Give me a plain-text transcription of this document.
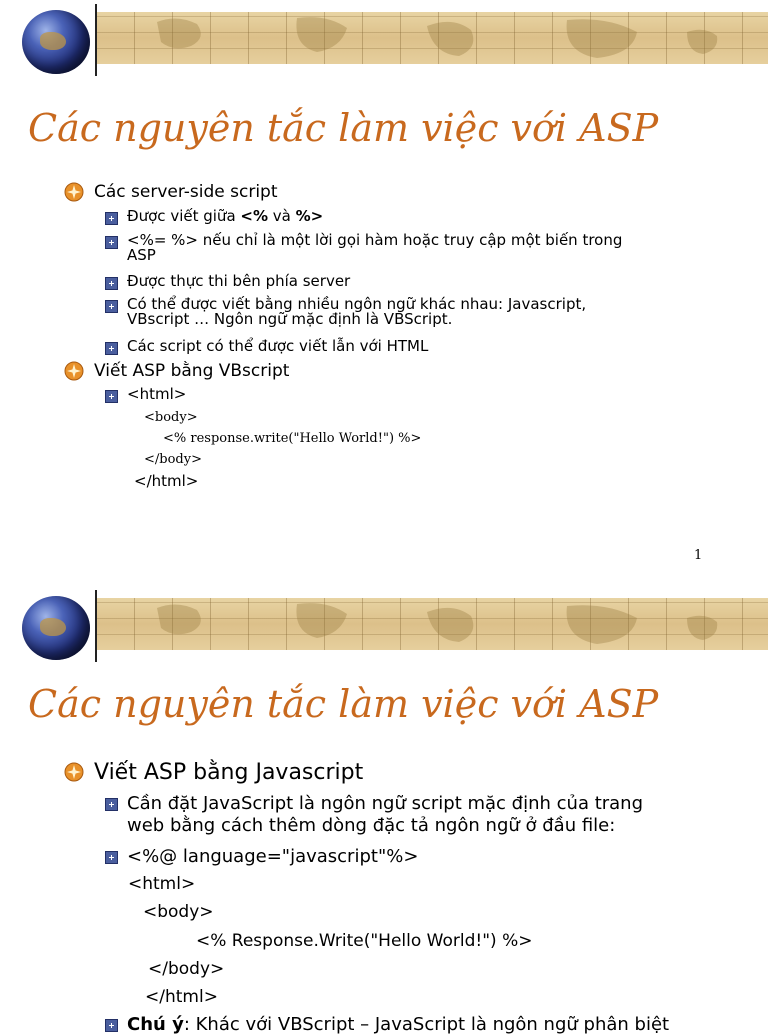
Các nguyên tắc làm việc với ASP
Các server-side script
Được viết giữa <% và %>
<%= %> nếu chỉ là một lời gọi hàm hoặc truy cập một biến trong
ASP
Được thực thi bên phía server
Có thể được viết bằng nhiều ngôn ngữ khác nhau: Javascript,
VBscript … Ngôn ngữ mặc định là VBScript.
Các script có thể được viết lẫn với HTML
Viết ASP bằng VBscript
<html>
<body>
<% response.write("Hello World!") %>
</body>
</html>
1
Các nguyên tắc làm việc với ASP
Viết ASP bằng Javascript
Cần đặt JavaScript là ngôn ngữ script mặc định của trang
web bằng cách thêm dòng đặc tả ngôn ngữ ở đầu file:
<%@ language="javascript"%>
<html>
<body>
<% Response.Write("Hello World!") %>
</body>
</html>
Chú ý: Khác với VBScript – JavaScript là ngôn ngữ phân biệt
